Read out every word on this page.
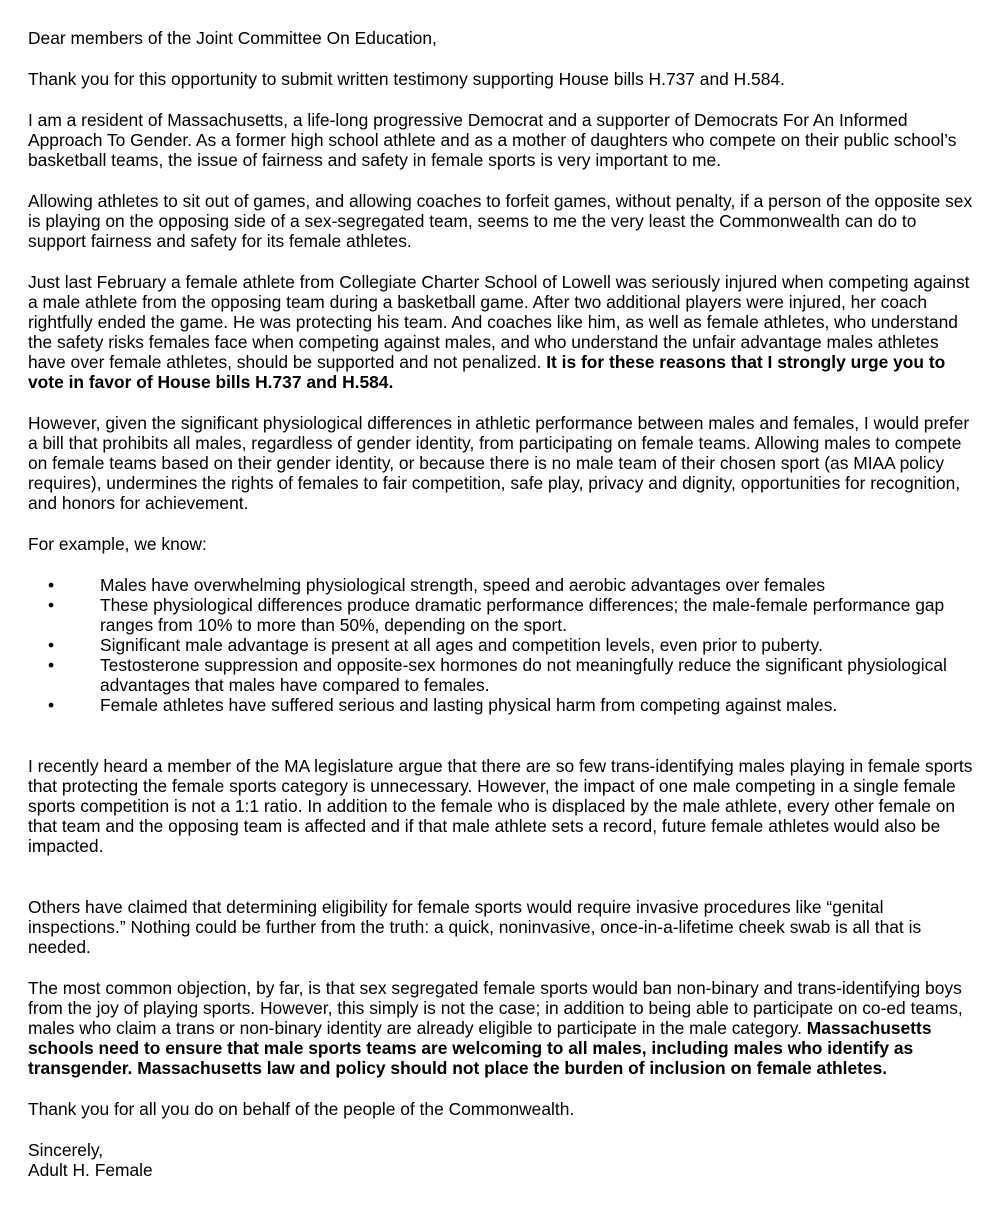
Dear members of the Joint Committee On Education,

Thank you for this opportunity to submit written testimony supporting House bills H.737 and H.584.

I am a resident of Massachusetts, a life-long progressive Democrat and a supporter of Democrats For An Informed Approach To Gender. As a former high school athlete and as a mother of daughters who compete on their public school’s basketball teams, the issue of fairness and safety in female sports is very important to me.

Allowing athletes to sit out of games, and allowing coaches to forfeit games, without penalty, if a person of the opposite sex is playing on the opposing side of a sex-segregated team, seems to me the very least the Commonwealth can do to support fairness and safety for its female athletes.

Just last February a female athlete from Collegiate Charter School of Lowell was seriously injured when competing against a male athlete from the opposing team during a basketball game. After two additional players were injured, her coach rightfully ended the game. He was protecting his team. And coaches like him, as well as female athletes, who understand the safety risks females face when competing against males, and who understand the unfair advantage males athletes have over female athletes, should be supported and not penalized. It is for these reasons that I strongly urge you to vote in favor of House bills H.737 and H.584.

However, given the significant physiological differences in athletic performance between males and females, I would prefer a bill that prohibits all males, regardless of gender identity, from participating on female teams. Allowing males to compete on female teams based on their gender identity, or because there is no male team of their chosen sport (as MIAA policy requires), undermines the rights of females to fair competition, safe play, privacy and dignity, opportunities for recognition, and honors for achievement.

For example, we know:

•	Males have overwhelming physiological strength, speed and aerobic advantages over females
•	These physiological differences produce dramatic performance differences; the male-female performance gap ranges from 10% to more than 50%, depending on the sport.
•	Significant male advantage is present at all ages and competition levels, even prior to puberty.
•	Testosterone suppression and opposite-sex hormones do not meaningfully reduce the significant physiological advantages that males have compared to females.
•	Female athletes have suffered serious and lasting physical harm from competing against males.

I recently heard a member of the MA legislature argue that there are so few trans-identifying males playing in female sports that protecting the female sports category is unnecessary. However, the impact of one male competing in a single female sports competition is not a 1:1 ratio. In addition to the female who is displaced by the male athlete, every other female on that team and the opposing team is affected and if that male athlete sets a record, future female athletes would also be impacted.

Others have claimed that determining eligibility for female sports would require invasive procedures like “genital inspections.” Nothing could be further from the truth: a quick, noninvasive, once-in-a-lifetime cheek swab is all that is needed.

The most common objection, by far, is that sex segregated female sports would ban non-binary and trans-identifying boys from the joy of playing sports. However, this simply is not the case; in addition to being able to participate on co-ed teams, males who claim a trans or non-binary identity are already eligible to participate in the male category. Massachusetts schools need to ensure that male sports teams are welcoming to all males, including males who identify as transgender. Massachusetts law and policy should not place the burden of inclusion on female athletes.

Thank you for all you do on behalf of the people of the Commonwealth.

Sincerely,

Adult H. Female
